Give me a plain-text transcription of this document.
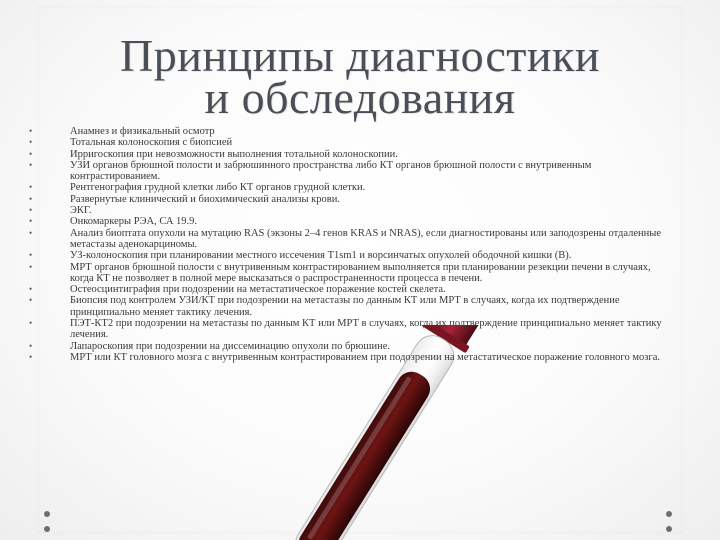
Принципы диагностики
и обследования
• Анамнез и физикальный осмотр
• Тотальная колоноскопия с биопсией
• Ирригоскопия при невозможности выполнения тотальной колоноскопии.
• УЗИ органов брюшной полости и забрюшинного пространства либо КТ органов брюшной полости с внутривенным контрастированием.
• Рентгенография грудной клетки либо КТ органов грудной клетки.
• Развернутые клинический и биохимический анализы крови.
• ЭКГ.
• Онкомаркеры РЭА, СА 19.9.
• Анализ биоптата опухоли на мутацию RAS (экзоны 2–4 генов KRAS и NRAS), если диагностированы или заподозрены отдаленные метастазы аденокарциномы.
• УЗ-колоноскопия при планировании местного иссечения T1sm1 и ворсинчатых опухолей ободочной кишки (B).
• МРТ органов брюшной полости с внутривенным контрастированием выполняется при планировании резекции печени в случаях, когда КТ не позволяет в полной мере высказаться о распространенности процесса в печени.
• Остеосцинтиграфия при подозрении на метастатическое поражение костей скелета.
• Биопсия под контролем УЗИ/КТ при подозрении на метастазы по данным КТ или МРТ в случаях, когда их подтверждение принципиально меняет тактику лечения.
• ПЭТ-КТ2 при подозрении на метастазы по данным КТ или МРТ в случаях, когда их подтверждение принципиально меняет тактику лечения.
• Лапароскопия при подозрении на диссеминацию опухоли по брюшине.
• МРТ или КТ головного мозга с внутривенным контрастированием при подозрении на метастатическое поражение головного мозга.
